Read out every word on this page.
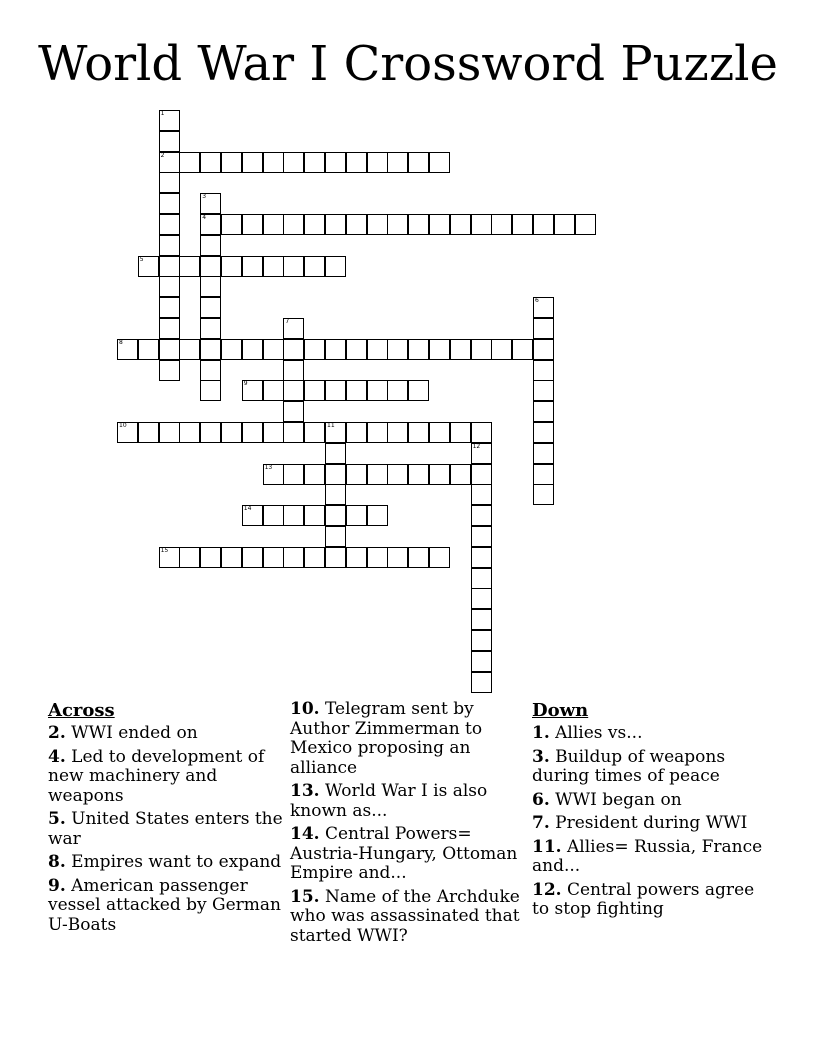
World War I Crossword Puzzle
1
2
3
4
5
6
7
8
9
10	11
12
13
14
15
Across
2. WWI ended on
4. Led to development of new machinery and weapons
5. United States enters the war
8. Empires want to expand
9. American passenger vessel attacked by German U-Boats
10. Telegram sent by Author Zimmerman to Mexico proposing an alliance
13. World War I is also known as...
14. Central Powers= Austria-Hungary, Ottoman Empire and...
15. Name of the Archduke who was assassinated that started WWI?
Down
1. Allies vs...
3. Buildup of weapons during times of peace
6. WWI began on
7. President during WWI
11. Allies= Russia, France and...
12. Central powers agree to stop fighting
